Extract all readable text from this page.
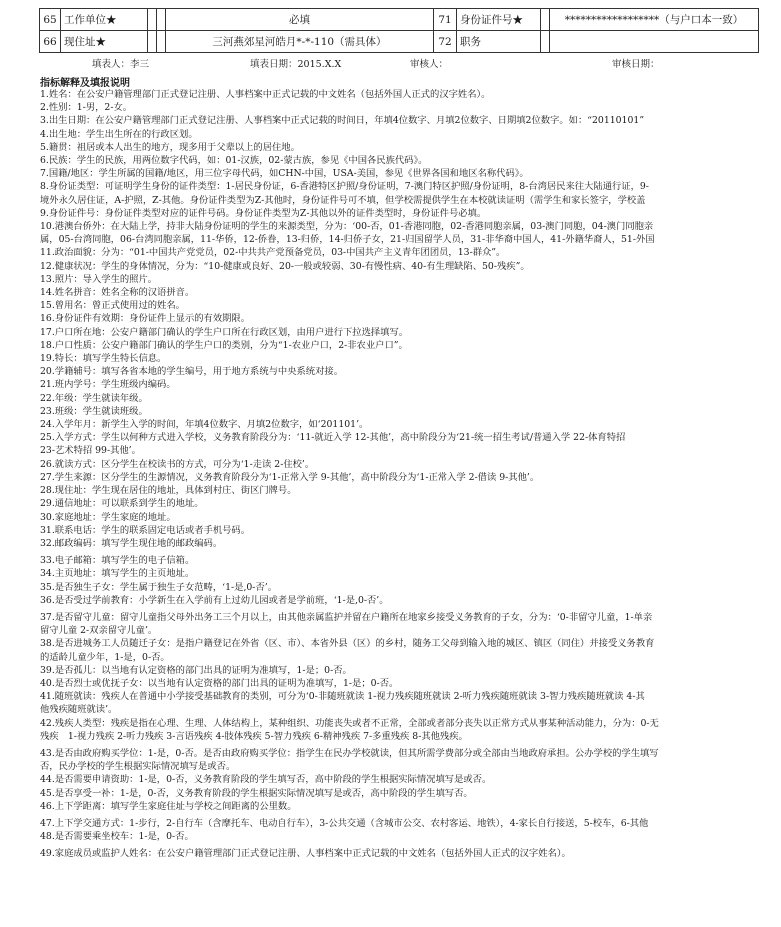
65	工作单位★			必填	71	身份证件号★		******************（与户口本一致）
66	现住址★			三河燕郊星河皓月*-*-110（需具体）	72	职务		
填表人：李三	填表日期：2015.X.X	审核人：	审核日期：
指标解释及填报说明
1.姓名：在公安户籍管理部门正式登记注册、人事档案中正式记载的中文姓名（包括外国人正式的汉字姓名）。
2.性别：1-男，2-女。
3.出生日期：在公安户籍管理部门正式登记注册、人事档案中正式记载的时间日，年填4位数字、月填2位数字、日期填2位数字。如：“20110101”
4.出生地：学生出生所在的行政区划。
5.籍贯：祖居或本人出生的地方，现多用于父辈以上的居住地。
6.民族：学生的民族，用两位数字代码，如：01-汉族，02-蒙古族，参见《中国各民族代码》。
7.国籍/地区：学生所属的国籍/地区，用三位字母代码，如CHN-中国，USA-美国，参见《世界各国和地区名称代码》。
8.身份证类型：可证明学生身份的证件类型：1-居民身份证，6-香港特区护照/身份证明，7-澳门特区护照/身份证明，8-台湾居民来往大陆通行证，9-
境外永久居住证，A-护照，Z-其他。身份证件类型为Z-其他时，身份证件号可不填，但学校需提供学生在本校就读证明（需学生和家长签字，学校盖
9.身份证件号：身份证件类型对应的证件号码。身份证件类型为Z-其他以外的证件类型时，身份证件号必填。
10.港澳台侨外：在大陆上学，持非大陆身份证明的学生的来源类型，分为：‘00-否，01-香港同胞，02-香港同胞亲属，03-澳门同胞，04-澳门同胞亲
属，05-台湾同胞，06-台湾同胞亲属，11-华侨，12-侨眷，13-归侨，14-归侨子女，21-归国留学人员，31-非华裔中国人，41-外籍华裔人，51-外国
11.政治面貌：分为：“01-中国共产党党员，02-中共共产党预备党员，03-中国共产主义青年团团员，13-群众”。
12.健康状况：学生的身体情况，分为：“10-健康或良好、20-一般或较弱、30-有慢性病、40-有生理缺陷、50-残疾”。
13.照片：导入学生的照片。
14.姓名拼音：姓名全称的汉语拼音。
15.曾用名：曾正式使用过的姓名。
16.身份证件有效期：身份证件上显示的有效期限。
17.户口所在地：公安户籍部门确认的学生户口所在行政区划，由用户进行下拉选择填写。
18.户口性质：公安户籍部门确认的学生户口的类别，分为“1-农业户口，2-非农业户口”。
19.特长：填写学生特长信息。
20.学籍辅号：填写各省本地的学生编号，用于地方系统与中央系统对接。
21.班内学号：学生班级内编码。
22.年级：学生就读年级。
23.班级：学生就读班级。
24.入学年月：新学生入学的时间，年填4位数字、月填2位数字，如‘201101’。
25.入学方式：学生以何种方式进入学校，义务教育阶段分为：‘11-就近入学 12-其他’，高中阶段分为‘21-统一招生考试/普通入学 22-体育特招
23-艺术特招 99-其他’。
26.就读方式：区分学生在校读书的方式，可分为‘1-走读 2-住校’。
27.学生来源：区分学生的生源情况，义务教育阶段分为‘1-正常入学 9-其他’，高中阶段分为‘1-正常入学 2-借读 9-其他’。
28.现住址：学生现在居住的地址，具体到村庄、街区门牌号。
29.通信地址：可以联系到学生的地址。
30.家庭地址：学生家庭的地址。
31.联系电话：学生的联系固定电话或者手机号码。
32.邮政编码：填写学生现住地的邮政编码。
33.电子邮箱：填写学生的电子信箱。
34.主页地址：填写学生的主页地址。
35.是否独生子女：学生属于独生子女范畴，‘1-是,0-否’。
36.是否受过学前教育：小学新生在入学前有上过幼儿园或者是学前班，‘1-是,0-否’。
37.是否留守儿童：留守儿童指父母外出务工三个月以上，由其他亲属监护并留在户籍所在地家乡接受义务教育的子女，分为：‘0-非留守儿童，1-单亲
留守儿童 2-双亲留守儿童’。
38.是否进城务工人员随迁子女：是指户籍登记在外省（区、市）、本省外县（区）的乡村，随务工父母到输入地的城区、镇区（同住）并接受义务教育
的适龄儿童少年，1-是，0-否。
39.是否孤儿：以当地有认定资格的部门出具的证明为准填写，1-是；0-否。
40.是否烈士或优抚子女：以当地有认定资格的部门出具的证明为准填写，1-是；0-否。
41.随班就读：残疾人在普通中小学接受基础教育的类别，可分为‘0-非随班就读 1-视力残疾随班就读 2-听力残疾随班就读 3-智力残疾随班就读 4-其
他残疾随班就读’。
42.残疾人类型：残疾是指在心理、生理、人体结构上，某种组织、功能丧失或者不正常，全部或者部分丧失以正常方式从事某种活动能力，分为：0-无
残疾　1-视力残疾 2-听力残疾 3-言语残疾 4-肢体残疾 5-智力残疾 6-精神残疾 7-多重残疾 8-其他残疾。
43.是否由政府购买学位：1-是，0-否。是否由政府购买学位：指学生在民办学校就读，但其所需学费部分或全部由当地政府承担。公办学校的学生填写
否，民办学校的学生根据实际情况填写是或否。
44.是否需要申请资助：1-是，0-否，义务教育阶段的学生填写否，高中阶段的学生根据实际情况填写是或否。
45.是否享受一补：1-是，0-否，义务教育阶段的学生根据实际情况填写是或否，高中阶段的学生填写否。
46.上下学距离：填写学生家庭住址与学校之间距离的公里数。
47.上下学交通方式：1-步行，2-自行车（含摩托车、电动自行车），3-公共交通（含城市公交、农村客运、地铁），4-家长自行接送，5-校车，6-其他
48.是否需要乘坐校车：1-是，0-否。
49.家庭成员或监护人姓名：在公安户籍管理部门正式登记注册、人事档案中正式记载的中文姓名（包括外国人正式的汉字姓名）。
